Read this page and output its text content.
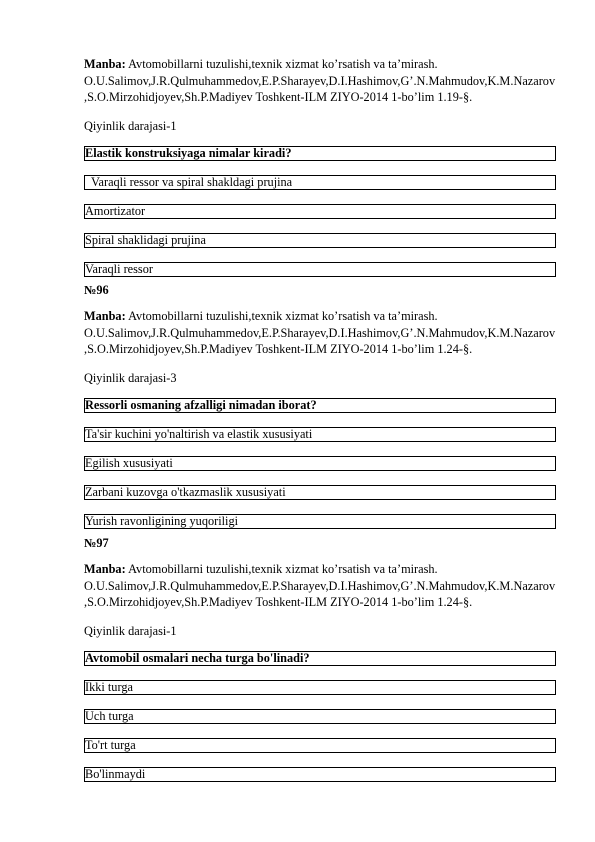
Manba: Avtomobillarni tuzulishi,texnik xizmat ko’rsatish va ta’mirash.
O.U.Salimov,J.R.Qulmuhammedov,E.P.Sharayev,D.I.Hashimov,G’.N.Mahmudov,K.M.Nazarov
,S.O.Mirzohidjoyev,Sh.P.Madiyev Toshkent-ILM ZIYO-2014 1-bo’lim 1.19-§.
Qiyinlik darajasi-1
Elastik konstruksiyaga nimalar kiradi?

Varaqli ressor va spiral shakldagi prujina

Amortizator

Spiral shaklidagi prujina

Varaqli ressor
№96
Manba: Avtomobillarni tuzulishi,texnik xizmat ko’rsatish va ta’mirash.
O.U.Salimov,J.R.Qulmuhammedov,E.P.Sharayev,D.I.Hashimov,G’.N.Mahmudov,K.M.Nazarov
,S.O.Mirzohidjoyev,Sh.P.Madiyev Toshkent-ILM ZIYO-2014 1-bo’lim 1.24-§.
Qiyinlik darajasi-3
Ressorli osmaning afzalligi nimadan iborat?

Ta'sir kuchini yo'naltirish va elastik xususiyati

Egilish xususiyati

Zarbani kuzovga o'tkazmaslik xususiyati

Yurish ravonligining yuqoriligi
№97
Manba: Avtomobillarni tuzulishi,texnik xizmat ko’rsatish va ta’mirash.
O.U.Salimov,J.R.Qulmuhammedov,E.P.Sharayev,D.I.Hashimov,G’.N.Mahmudov,K.M.Nazarov
,S.O.Mirzohidjoyev,Sh.P.Madiyev Toshkent-ILM ZIYO-2014 1-bo’lim 1.24-§.
Qiyinlik darajasi-1
Avtomobil osmalari necha turga bo'linadi?

Ikki turga

Uch turga

To'rt turga

Bo'linmaydi
